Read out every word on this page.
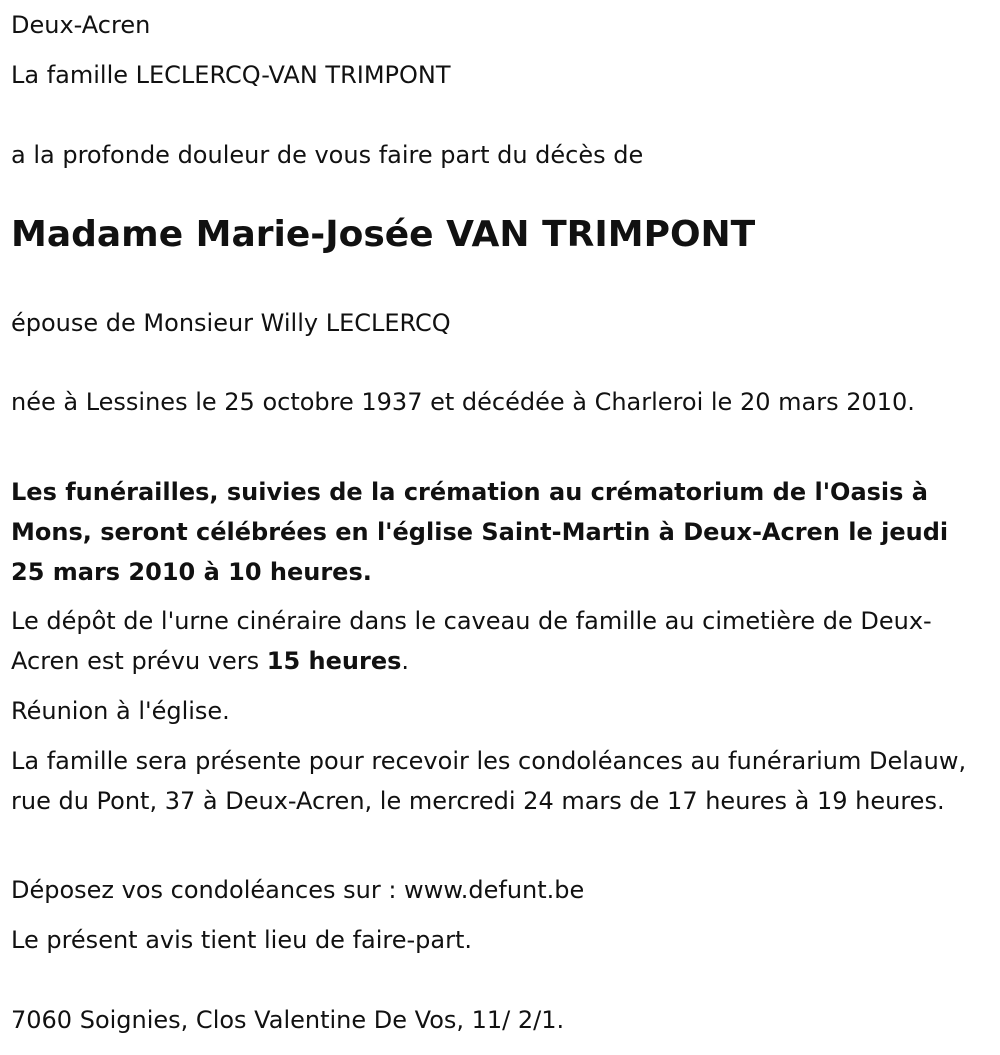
Deux-Acren
La famille LECLERCQ-VAN TRIMPONT
a la profonde douleur de vous faire part du décès de
Madame Marie-Josée VAN TRIMPONT
épouse de Monsieur Willy LECLERCQ
née à Lessines le 25 octobre 1937 et décédée à Charleroi le 20 mars 2010.
Les funérailles, suivies de la crémation au crématorium de l'Oasis à Mons, seront célébrées en l'église Saint-Martin à Deux-Acren le jeudi 25 mars 2010 à 10 heures.
Le dépôt de l'urne cinéraire dans le caveau de famille au cimetière de Deux-Acren est prévu vers 15 heures.
Réunion à l'église.
La famille sera présente pour recevoir les condoléances au funérarium Delauw, rue du Pont, 37 à Deux-Acren, le mercredi 24 mars de 17 heures à 19 heures.
Déposez vos condoléances sur : www.defunt.be
Le présent avis tient lieu de faire-part.
7060 Soignies, Clos Valentine De Vos, 11/ 2/1.
